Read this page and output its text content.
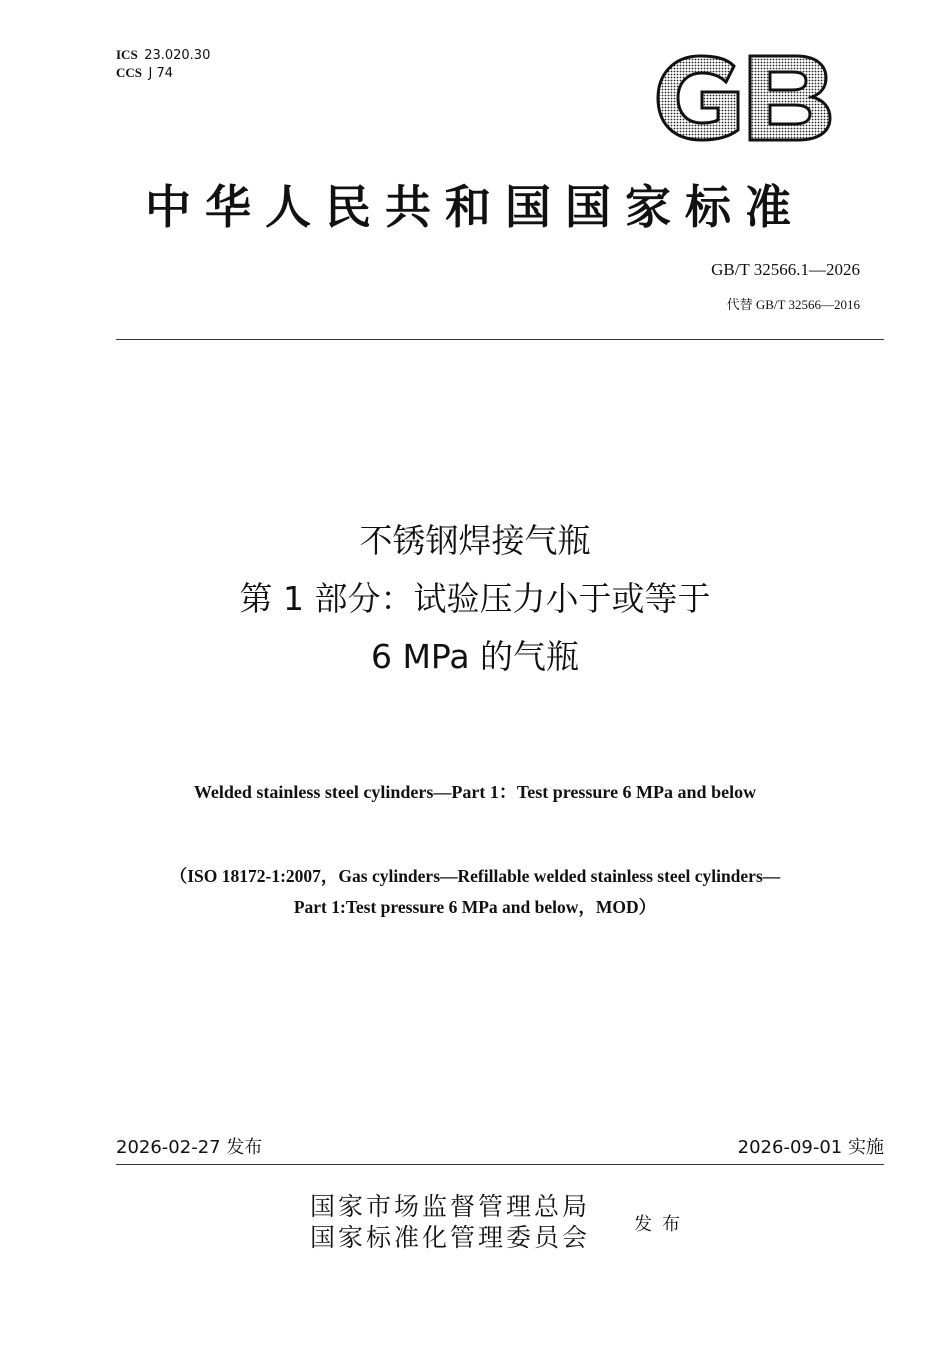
ICS 23.020.30
CCS J 74
中华人民共和国国家标准
GB/T 32566.1—2026
代替 GB/T 32566—2016
不锈钢焊接气瓶
第 1 部分：试验压力小于或等于
6 MPa 的气瓶
Welded stainless steel cylinders—Part 1：Test pressure 6 MPa and below
（ISO 18172-1:2007，Gas cylinders—Refillable welded stainless steel cylinders—
Part 1:Test pressure 6 MPa and below，MOD）
2026-02-27 发布	2026-09-01 实施
国家市场监督管理总局
国家标准化管理委员会
发布
